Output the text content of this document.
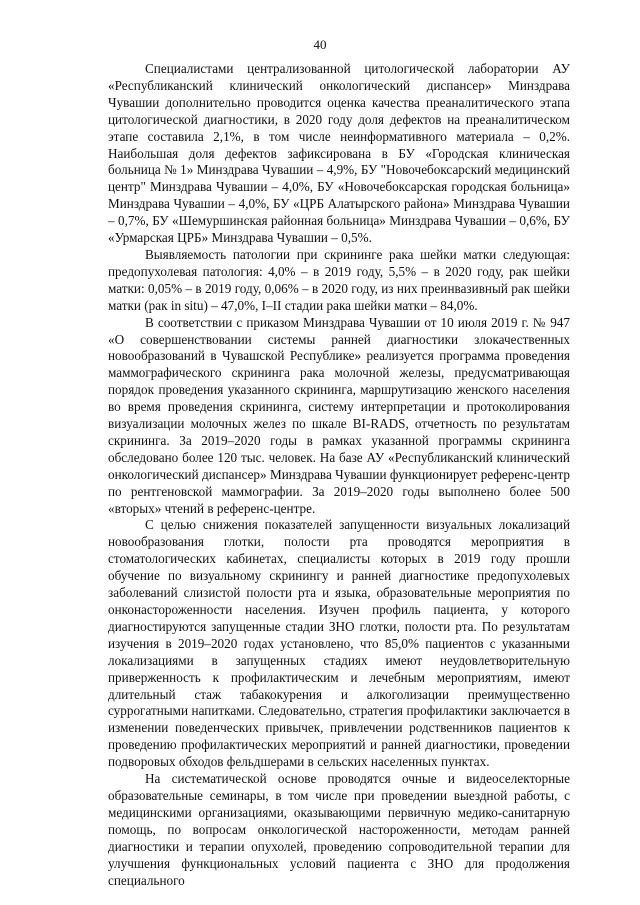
40

Специалистами централизованной цитологической лаборатории АУ «Республиканский клинический онкологический диспансер» Минздрава Чувашии дополнительно проводится оценка качества преаналитического этапа цитологической диагностики, в 2020 году доля дефектов на преаналитическом этапе составила 2,1%, в том числе неинформативного материала – 0,2%. Наибольшая доля дефектов зафиксирована в БУ «Городская клиническая больница № 1» Минздрава Чувашии – 4,9%, БУ "Новочебоксарский медицинский центр" Минздрава Чувашии – 4,0%, БУ «Новочебоксарская городская больница» Минздрава Чувашии – 4,0%, БУ «ЦРБ Алатырского района» Минздрава Чувашии – 0,7%, БУ «Шемуршинская районная больница» Минздрава Чувашии – 0,6%, БУ «Урмарская ЦРБ» Минздрава Чувашии – 0,5%.

Выявляемость патологии при скрининге рака шейки матки следующая: предопухолевая патология: 4,0% – в 2019 году, 5,5% – в 2020 году, рак шейки матки: 0,05% – в 2019 году, 0,06% – в 2020 году, из них преинвазивный рак шейки матки (рак in situ) – 47,0%, I–II стадии рака шейки матки – 84,0%.

В соответствии с приказом Минздрава Чувашии от 10 июля 2019 г. № 947 «О совершенствовании системы ранней диагностики злокачественных новообразований в Чувашской Республике» реализуется программа проведения маммографического скрининга рака молочной железы, предусматривающая порядок проведения указанного скрининга, маршрутизацию женского населения во время проведения скрининга, систему интерпретации и протоколирования визуализации молочных желез по шкале BI-RADS, отчетность по результатам скрининга. За 2019–2020 годы в рамках указанной программы скрининга обследовано более 120 тыс. человек. На базе АУ «Республиканский клинический онкологический диспансер» Минздрава Чувашии функционирует референс-центр по рентгеновской маммографии. За 2019–2020 годы выполнено более 500 «вторых» чтений в референс-центре.

С целью снижения показателей запущенности визуальных локализаций новообразования глотки, полости рта проводятся мероприятия в стоматологических кабинетах, специалисты которых в 2019 году прошли обучение по визуальному скринингу и ранней диагностике предопухолевых заболеваний слизистой полости рта и языка, образовательные мероприятия по онконастороженности населения. Изучен профиль пациента, у которого диагностируются запущенные стадии ЗНО глотки, полости рта. По результатам изучения в 2019–2020 годах установлено, что 85,0% пациентов с указанными локализациями в запущенных стадиях имеют неудовлетворительную приверженность к профилактическим и лечебным мероприятиям, имеют длительный стаж табакокурения и алкоголизации преимущественно суррогатными напитками. Следовательно, стратегия профилактики заключается в изменении поведенческих привычек, привлечении родственников пациентов к проведению профилактических мероприятий и ранней диагностики, проведении подворовых обходов фельдшерами в сельских населенных пунктах.

На систематической основе проводятся очные и видеоселекторные образовательные семинары, в том числе при проведении выездной работы, с медицинскими организациями, оказывающими первичную медико-санитарную помощь, по вопросам онкологической настороженности, методам ранней диагностики и терапии опухолей, проведению сопроводительной терапии для улучшения функциональных условий пациента с ЗНО для продолжения специального
